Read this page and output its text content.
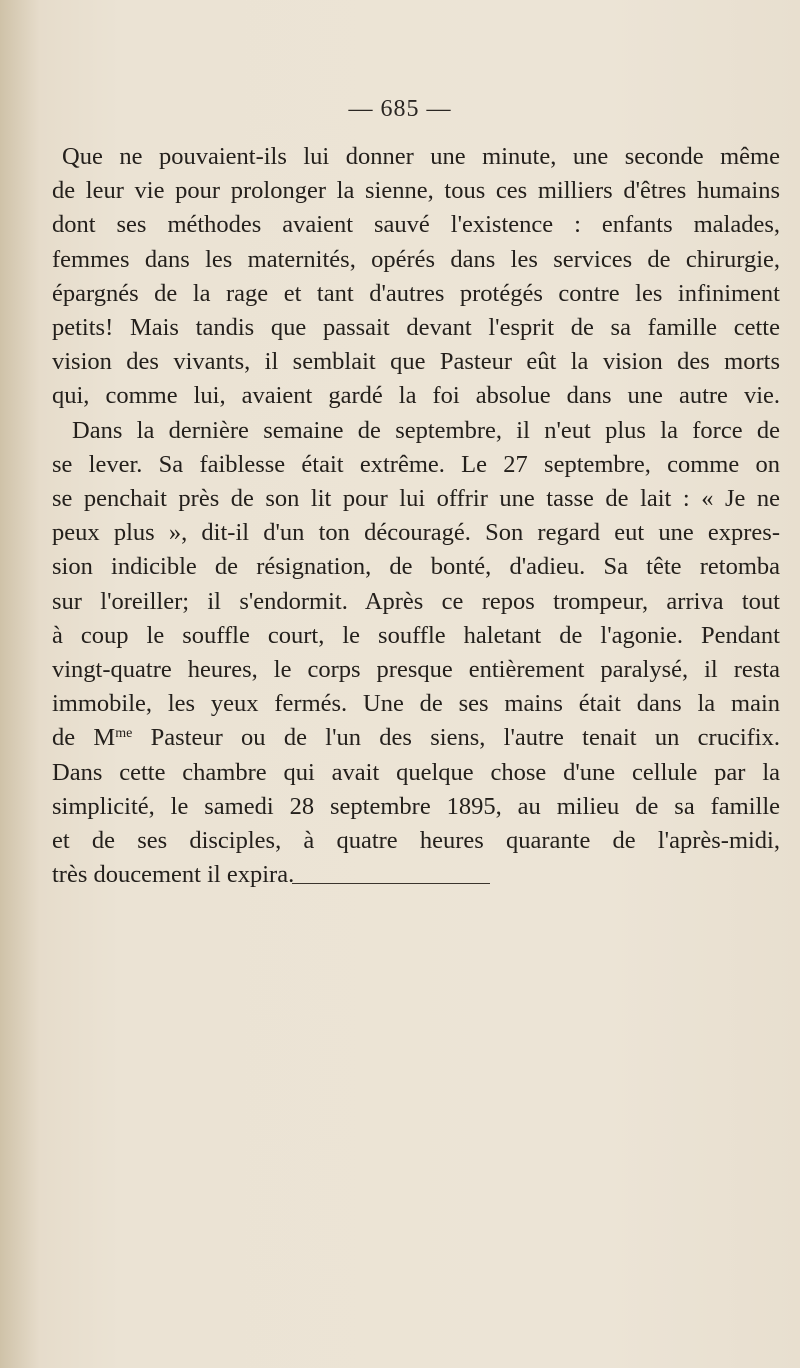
— 685 —
Que ne pouvaient-ils lui donner une minute, une seconde même
de leur vie pour prolonger la sienne, tous ces milliers d'êtres humains
dont ses méthodes avaient sauvé l'existence : enfants malades,
femmes dans les maternités, opérés dans les services de chirurgie,
épargnés de la rage et tant d'autres protégés contre les infiniment
petits! Mais tandis que passait devant l'esprit de sa famille cette
vision des vivants, il semblait que Pasteur eût la vision des morts
qui, comme lui, avaient gardé la foi absolue dans une autre vie.
Dans la dernière semaine de septembre, il n'eut plus la force de
se lever. Sa faiblesse était extrême. Le 27 septembre, comme on
se penchait près de son lit pour lui offrir une tasse de lait : « Je ne
peux plus », dit-il d'un ton découragé. Son regard eut une expres-
sion indicible de résignation, de bonté, d'adieu. Sa tête retomba
sur l'oreiller; il s'endormit. Après ce repos trompeur, arriva tout
à coup le souffle court, le souffle haletant de l'agonie. Pendant
vingt-quatre heures, le corps presque entièrement paralysé, il resta
immobile, les yeux fermés. Une de ses mains était dans la main
de $M^{me}$ Pasteur ou de l'un des siens, l'autre tenait un crucifix.
Dans cette chambre qui avait quelque chose d'une cellule par la
simplicité, le samedi 28 septembre 1895, au milieu de sa famille
et de ses disciples, à quatre heures quarante de l'après-midi,
très doucement il expira.
